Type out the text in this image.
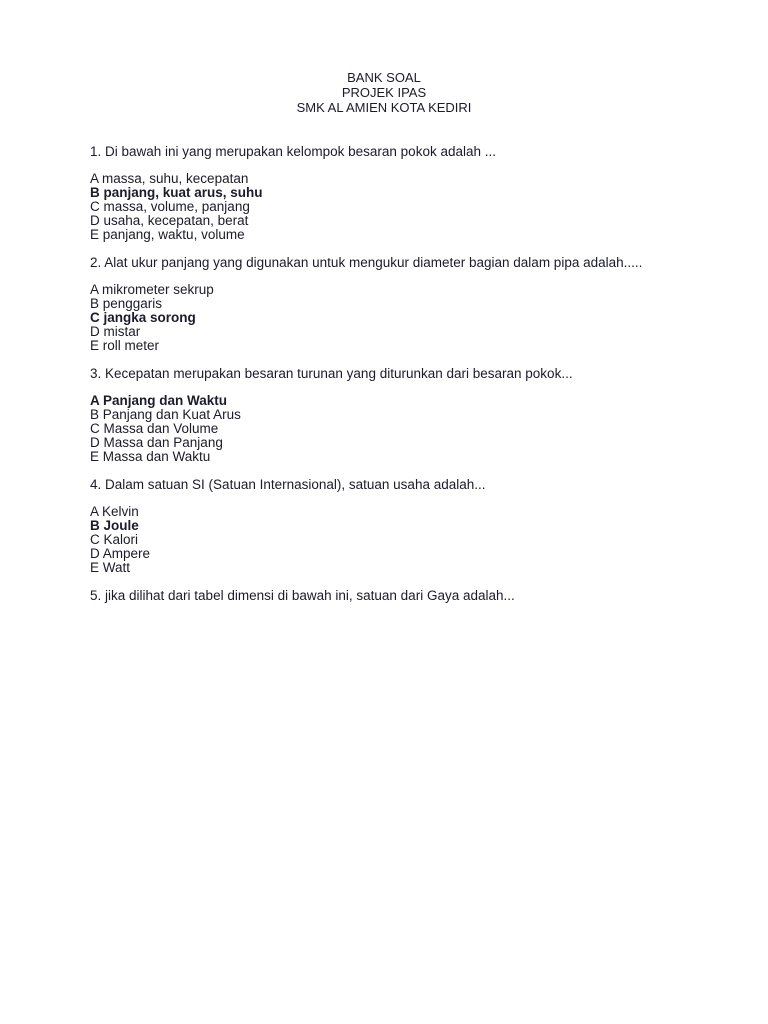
BANK SOAL
PROJEK IPAS
SMK AL AMIEN KOTA KEDIRI
1. Di bawah ini yang merupakan kelompok besaran pokok adalah ...
A massa, suhu, kecepatan
B panjang, kuat arus, suhu
C massa, volume, panjang
D usaha, kecepatan, berat
E panjang, waktu, volume
2. Alat ukur panjang yang digunakan untuk mengukur diameter bagian dalam pipa adalah.....
A mikrometer sekrup
B penggaris
C jangka sorong
D mistar
E roll meter
3. Kecepatan merupakan besaran turunan yang diturunkan dari besaran pokok...
A Panjang dan Waktu
B Panjang dan Kuat Arus
C Massa dan Volume
D Massa dan Panjang
E Massa dan Waktu
4. Dalam satuan SI (Satuan Internasional), satuan usaha adalah...
A Kelvin
B Joule
C Kalori
D Ampere
E Watt
5. jika dilihat dari tabel dimensi di bawah ini, satuan dari Gaya adalah...
